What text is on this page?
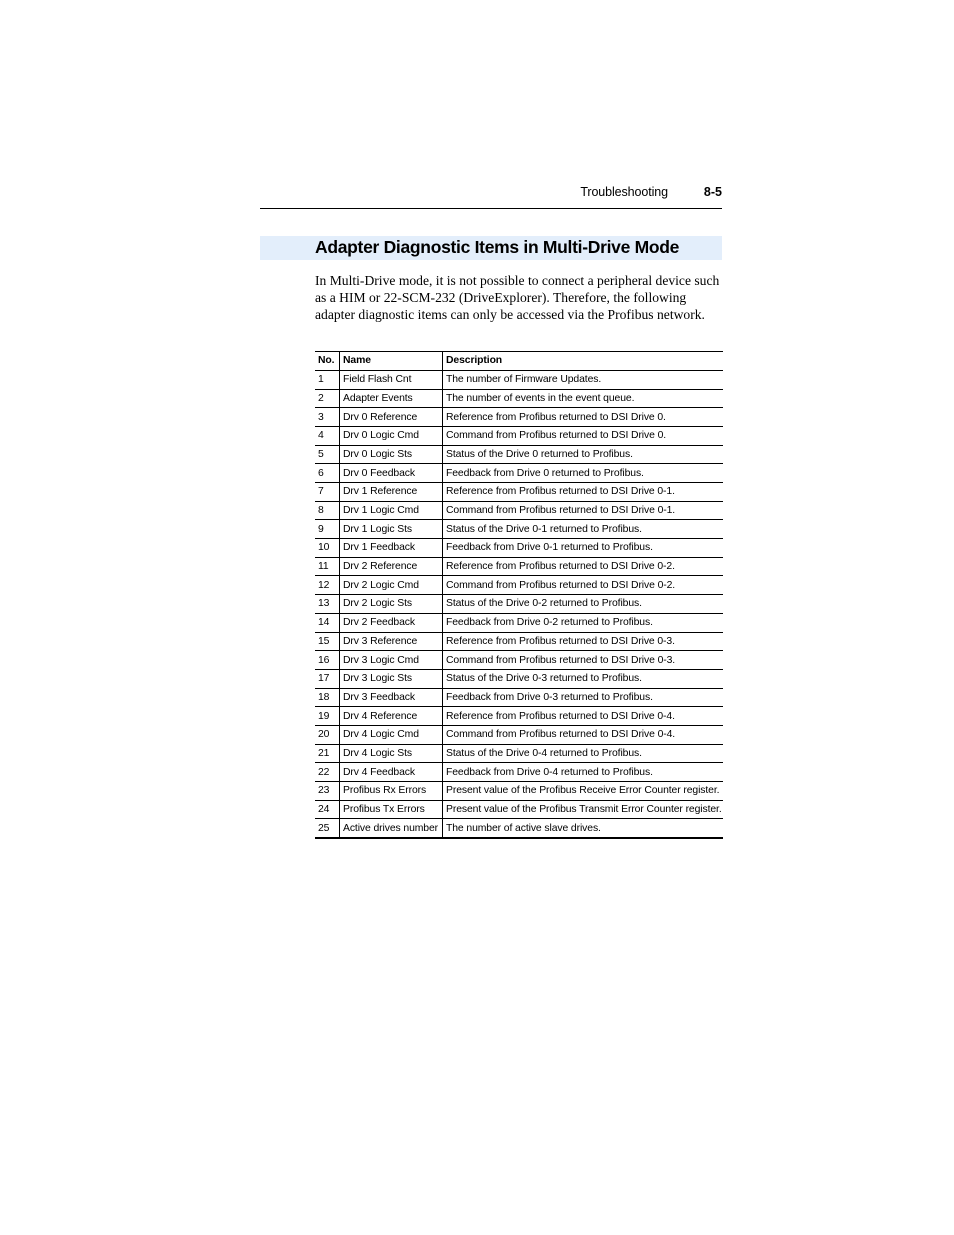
Troubleshooting	8-5
Adapter Diagnostic Items in Multi-Drive Mode

In Multi-Drive mode, it is not possible to connect a peripheral device such as a HIM or 22-SCM-232 (DriveExplorer). Therefore, the following adapter diagnostic items can only be accessed via the Profibus network.

No.	Name	Description
1	Field Flash Cnt	The number of Firmware Updates.
2	Adapter Events	The number of events in the event queue.
3	Drv 0 Reference	Reference from Profibus returned to DSI Drive 0.
4	Drv 0 Logic Cmd	Command from Profibus returned to DSI Drive 0.
5	Drv 0 Logic Sts	Status of the Drive 0 returned to Profibus.
6	Drv 0 Feedback	Feedback from Drive 0 returned to Profibus.
7	Drv 1 Reference	Reference from Profibus returned to DSI Drive 0-1.
8	Drv 1 Logic Cmd	Command from Profibus returned to DSI Drive 0-1.
9	Drv 1 Logic Sts	Status of the Drive 0-1 returned to Profibus.
10	Drv 1 Feedback	Feedback from Drive 0-1 returned to Profibus.
11	Drv 2 Reference	Reference from Profibus returned to DSI Drive 0-2.
12	Drv 2 Logic Cmd	Command from Profibus returned to DSI Drive 0-2.
13	Drv 2 Logic Sts	Status of the Drive 0-2 returned to Profibus.
14	Drv 2 Feedback	Feedback from Drive 0-2 returned to Profibus.
15	Drv 3 Reference	Reference from Profibus returned to DSI Drive 0-3.
16	Drv 3 Logic Cmd	Command from Profibus returned to DSI Drive 0-3.
17	Drv 3 Logic Sts	Status of the Drive 0-3 returned to Profibus.
18	Drv 3 Feedback	Feedback from Drive 0-3 returned to Profibus.
19	Drv 4 Reference	Reference from Profibus returned to DSI Drive 0-4.
20	Drv 4 Logic Cmd	Command from Profibus returned to DSI Drive 0-4.
21	Drv 4 Logic Sts	Status of the Drive 0-4 returned to Profibus.
22	Drv 4 Feedback	Feedback from Drive 0-4 returned to Profibus.
23	Profibus Rx Errors	Present value of the Profibus Receive Error Counter register.
24	Profibus Tx Errors	Present value of the Profibus Transmit Error Counter register.
25	Active drives number	The number of active slave drives.
